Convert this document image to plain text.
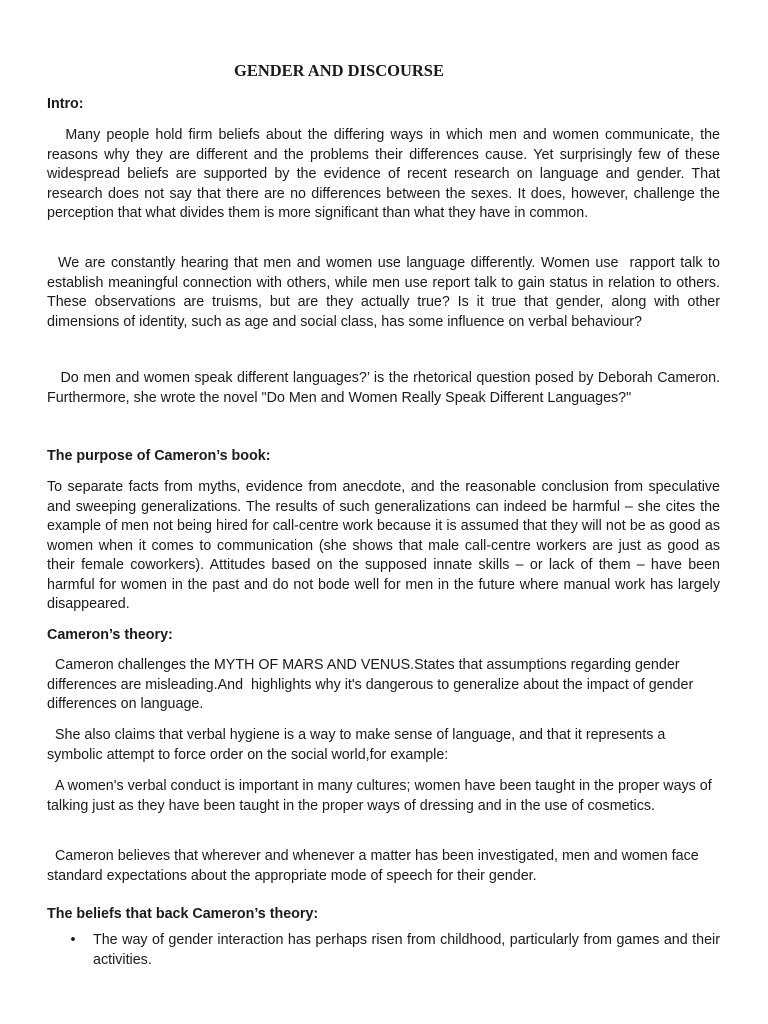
GENDER AND DISCOURSE

Intro:

Many people hold firm beliefs about the differing ways in which men and women communicate, the reasons why they are different and the problems their differences cause. Yet surprisingly few of these widespread beliefs are supported by the evidence of recent research on language and gender. That research does not say that there are no differences between the sexes. It does, however, challenge the perception that what divides them is more significant than what they have in common.

We are constantly hearing that men and women use language differently. Women use  rapport talk to establish meaningful connection with others, while men use report talk to gain status in relation to others. These observations are truisms, but are they actually true? Is it true that gender, along with other dimensions of identity, such as age and social class, has some influence on verbal behaviour?

Do men and women speak different languages?’ is the rhetorical question posed by Deborah Cameron. Furthermore, she wrote the novel "Do Men and Women Really Speak Different Languages?"

The purpose of Cameron’s book:

To separate facts from myths, evidence from anecdote, and the reasonable conclusion from speculative and sweeping generalizations. The results of such generalizations can indeed be harmful – she cites the example of men not being hired for call-centre work because it is assumed that they will not be as good as women when it comes to communication (she shows that male call-centre workers are just as good as their female coworkers). Attitudes based on the supposed innate skills – or lack of them – have been harmful for women in the past and do not bode well for men in the future where manual work has largely disappeared.

Cameron’s theory:

Cameron challenges the MYTH OF MARS AND VENUS.States that assumptions regarding gender differences are misleading.And  highlights why it's dangerous to generalize about the impact of gender differences on language.

She also claims that verbal hygiene is a way to make sense of language, and that it represents a symbolic attempt to force order on the social world,for example:

A women's verbal conduct is important in many cultures; women have been taught in the proper ways of talking just as they have been taught in the proper ways of dressing and in the use of cosmetics.

Cameron believes that wherever and whenever a matter has been investigated, men and women face standard expectations about the appropriate mode of speech for their gender.

The beliefs that back Cameron’s theory:

• The way of gender interaction has perhaps risen from childhood, particularly from games and their activities.
